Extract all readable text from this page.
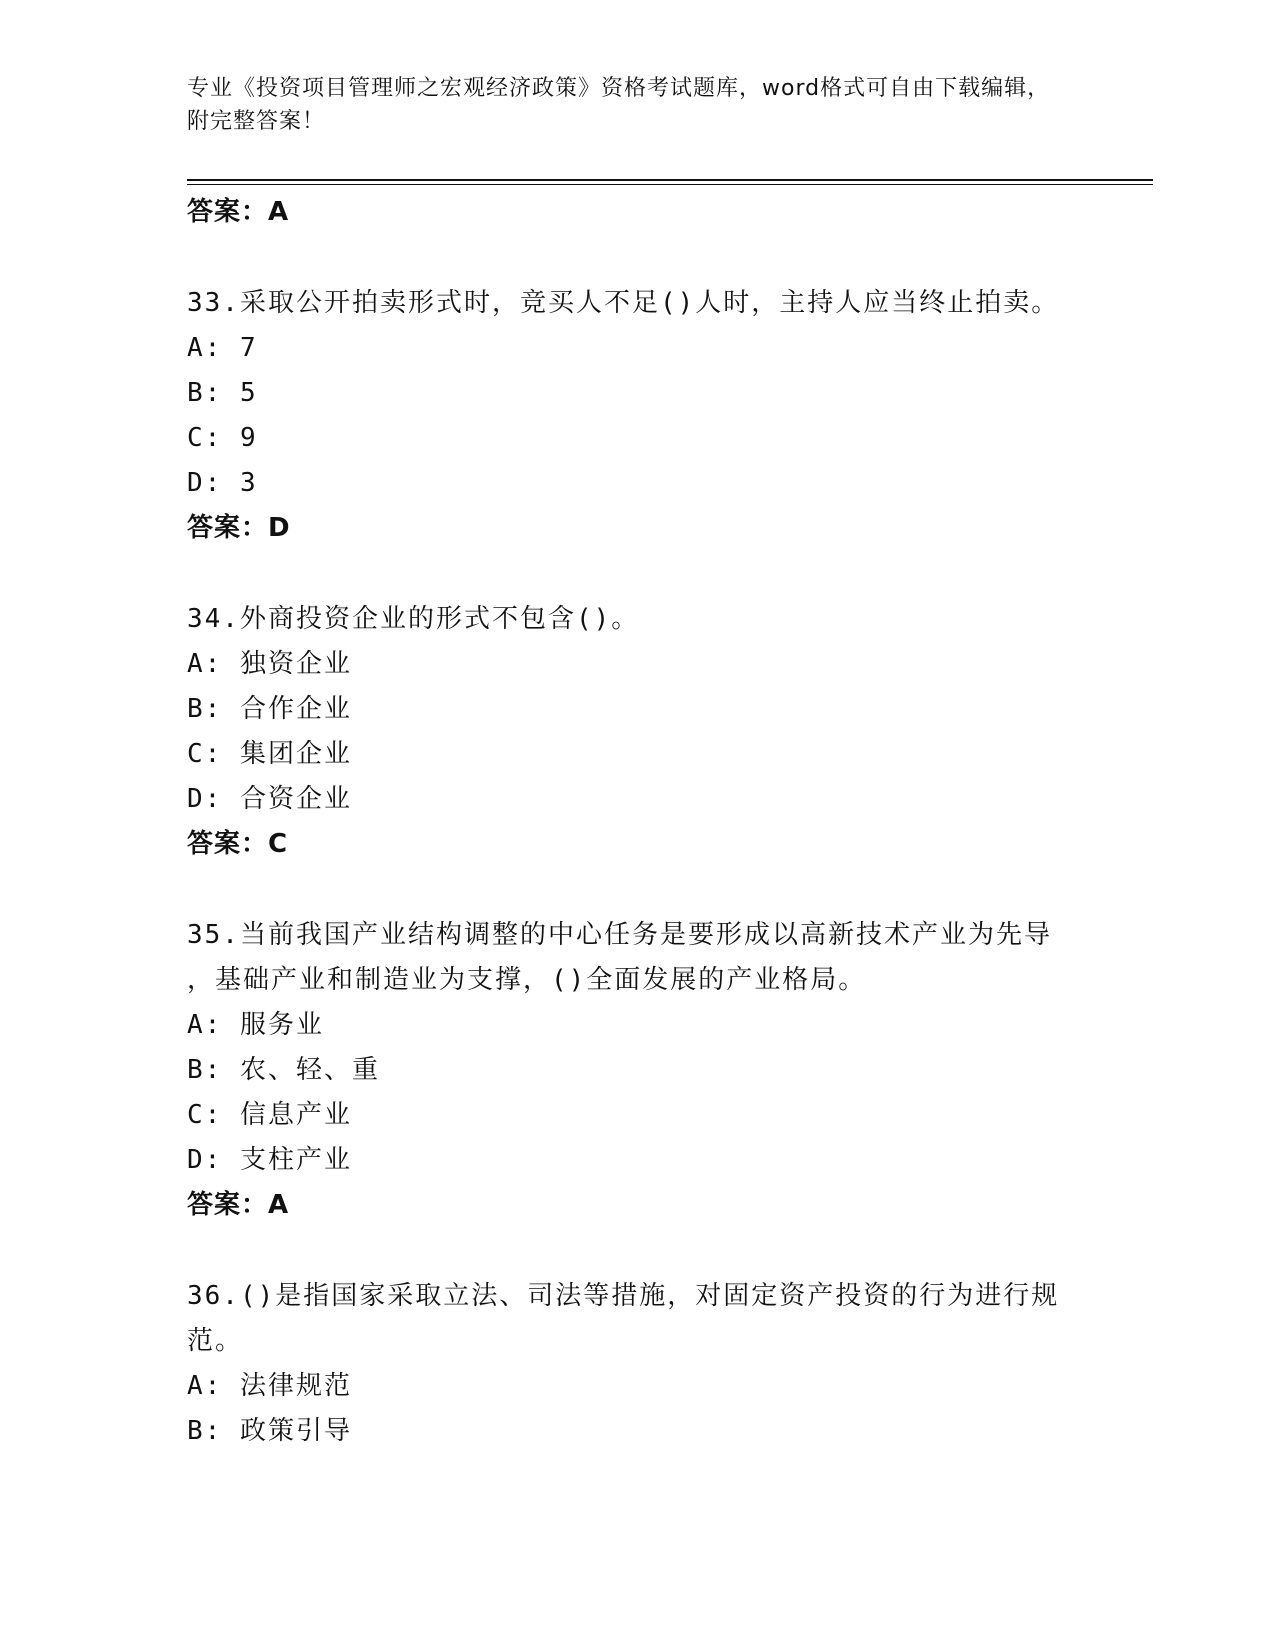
专业《投资项目管理师之宏观经济政策》资格考试题库，word格式可自由下载编辑，附完整答案！
答案：A
33.采取公开拍卖形式时，竞买人不足()人时，主持人应当终止拍卖。
A: 7
B: 5
C: 9
D: 3
答案：D
34.外商投资企业的形式不包含()。
A: 独资企业
B: 合作企业
C: 集团企业
D: 合资企业
答案：C
35.当前我国产业结构调整的中心任务是要形成以高新技术产业为先导
，基础产业和制造业为支撑，()全面发展的产业格局。
A: 服务业
B: 农、轻、重
C: 信息产业
D: 支柱产业
答案：A
36.()是指国家采取立法、司法等措施，对固定资产投资的行为进行规
范。
A: 法律规范
B: 政策引导
